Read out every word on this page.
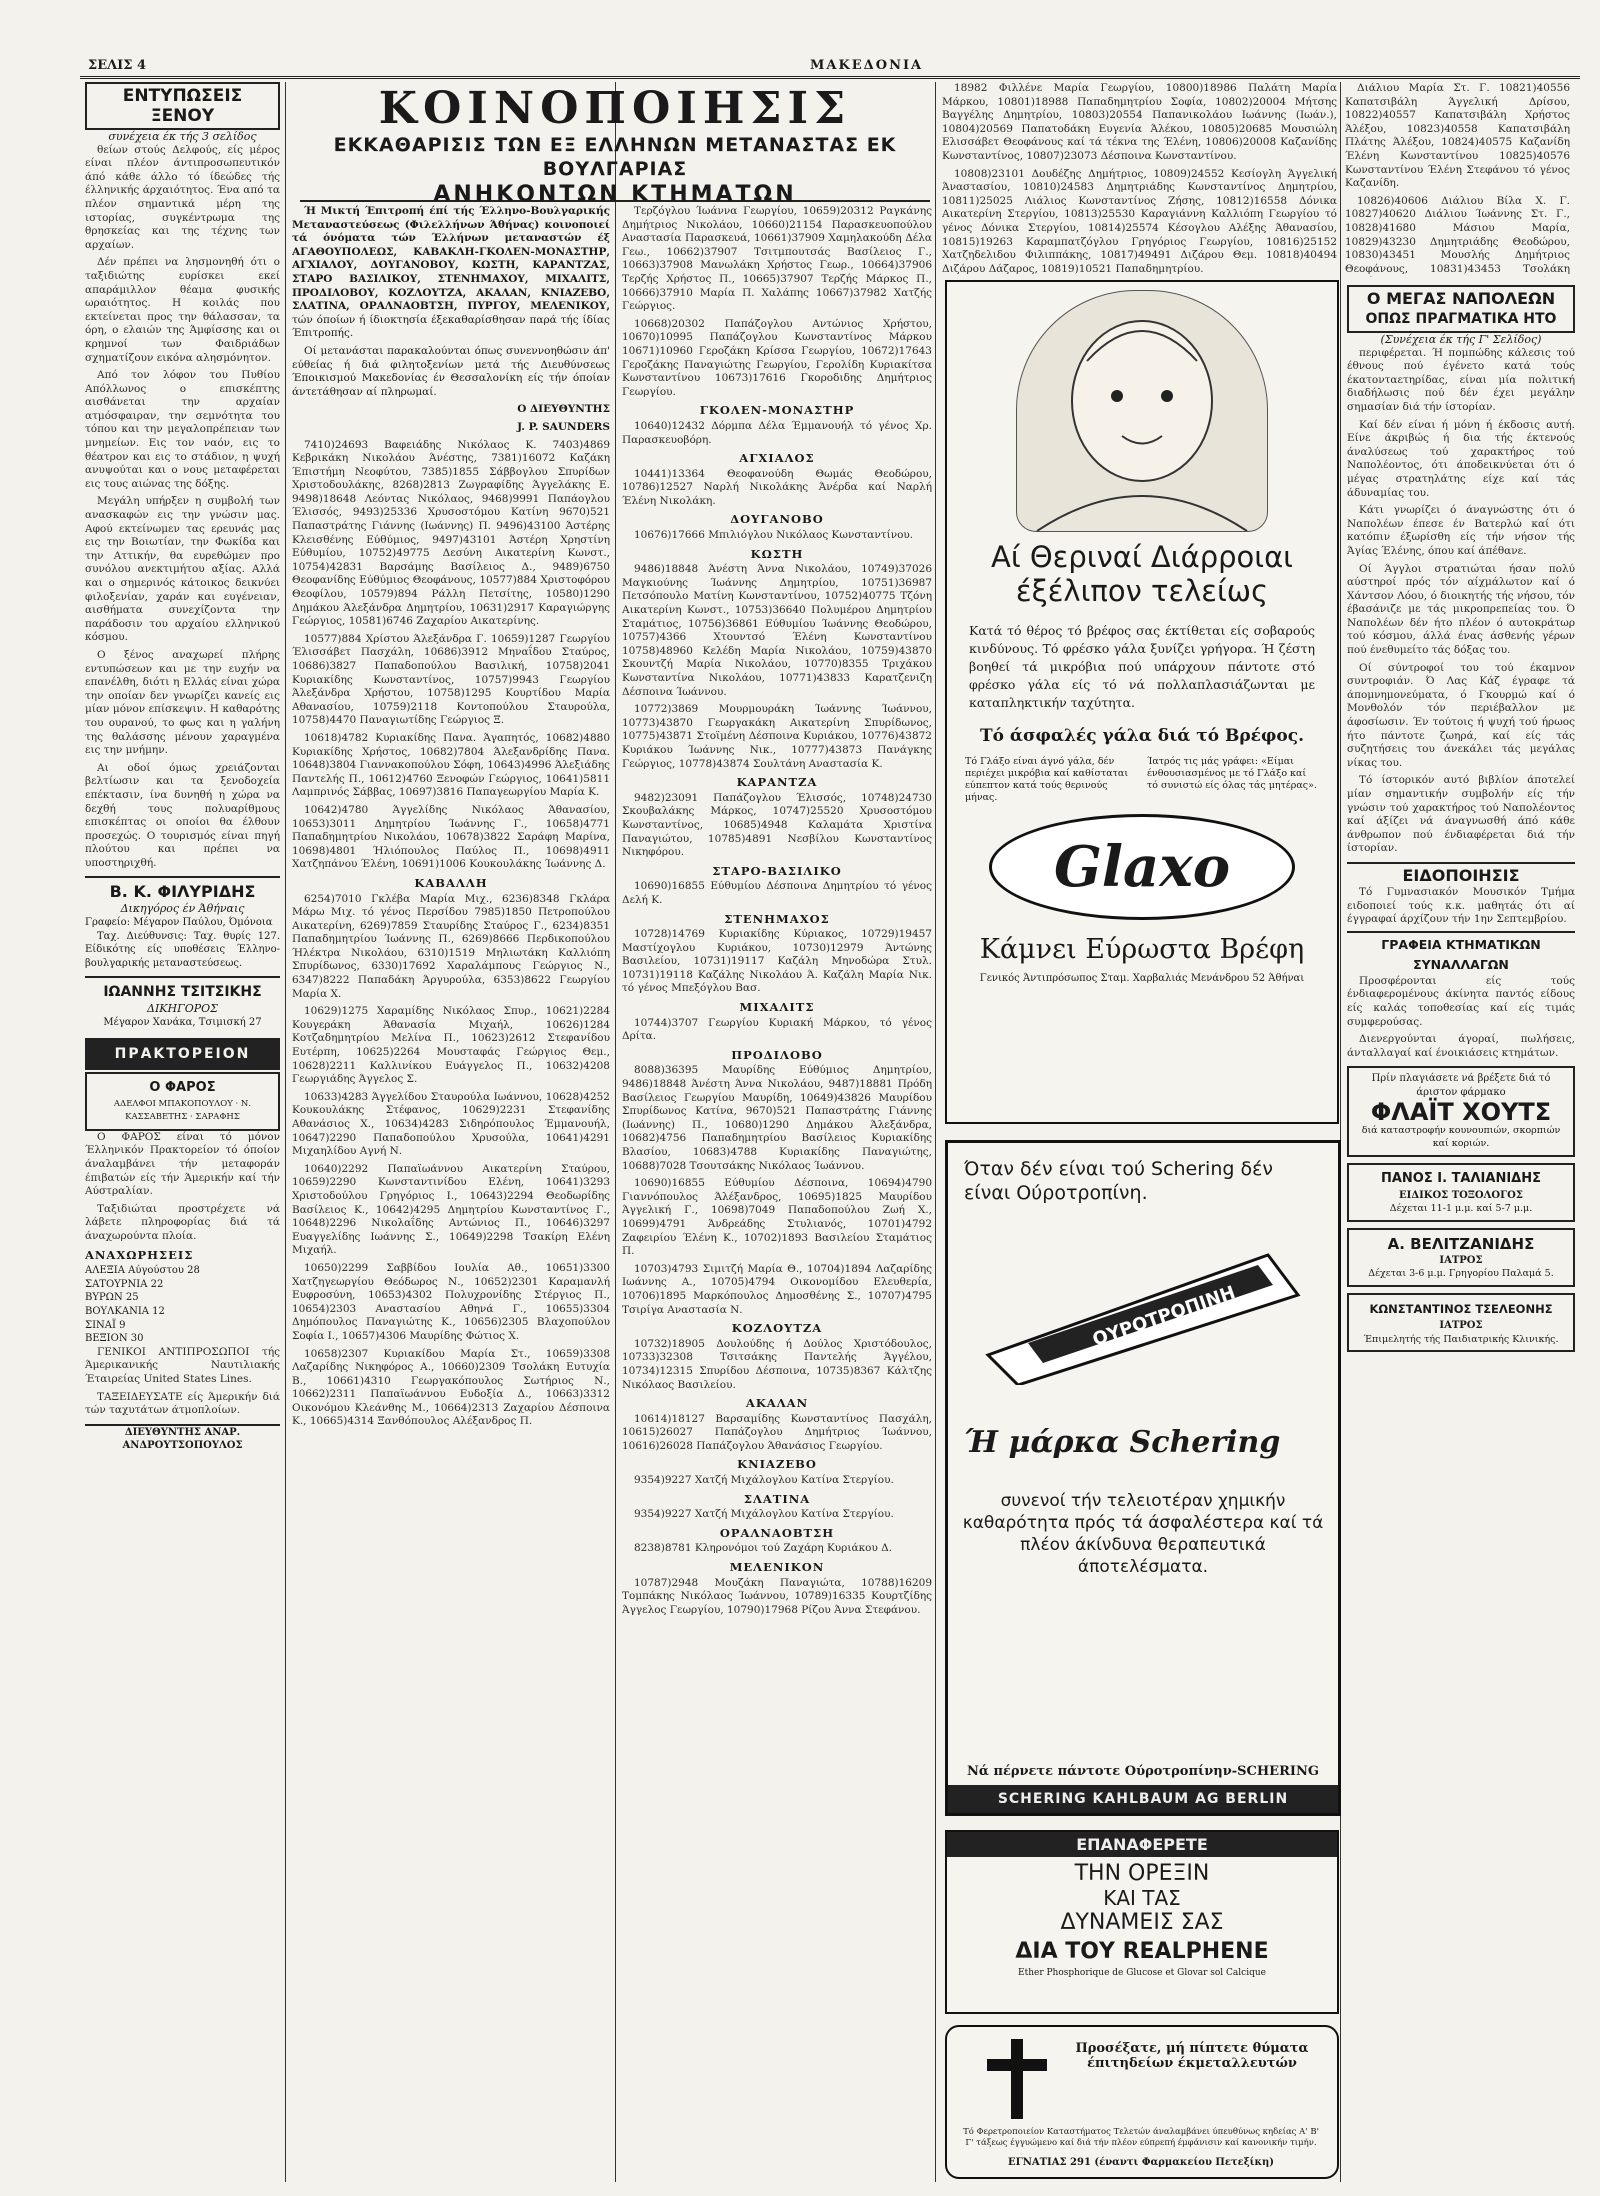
ΣΕΛΙΣ 4	ΜΑΚΕΔΟΝΙΑ
ΕΝΤΥΠΩΣΕΙΣ ΞΕΝΟΥ
συνέχεια έκ τής 3 σελίδος

θείων στούς Δελφούς, είς μέρος είναι πλέον άντιπροσωπευτικόν άπό κάθε άλλο τό ίδεώδες τής έλληνικής άρχαιότητος. Ένα από τα πλέον σημαντικά μέρη της ιστορίας, συγκέντρωμα της θρησκείας και της τέχνης των αρχαίων.

Δέν πρέπει να λησμονηθή ότι ο ταξιδιώτης ευρίσκει εκεί απαράμιλλον θέαμα φυσικής ωραιότητος. Η κοιλάς που εκτείνεται προς την θάλασσαν, τα όρη, ο ελαιών της Άμφίσσης και οι κρημνοί των Φαιδριάδων σχηματίζουν εικόνα αλησμόνητον.

Από τον λόφον του Πυθίου Απόλλωνος ο επισκέπτης αισθάνεται την αρχαίαν ατμόσφαιραν, την σεμνότητα του τόπου και την μεγαλοπρέπειαν των μνημείων. Εις τον ναόν, εις το θέατρον και εις το στάδιον, η ψυχή ανυψούται και ο νους μεταφέρεται εις τους αιώνας της δόξης.

Μεγάλη υπήρξεν η συμβολή των ανασκαφών εις την γνώσιν μας. Αφού εκτείνωμεν τας ερευνάς μας εις την Βοιωτίαν, την Φωκίδα και την Αττικήν, θα ευρεθώμεν προ συνόλου ανεκτιμήτου αξίας. Αλλά και ο σημερινός κάτοικος δεικνύει φιλοξενίαν, χαράν και ευγένειαν, αισθήματα συνεχίζοντα την παράδοσιν του αρχαίου ελληνικού κόσμου.

Ο ξένος αναχωρεί πλήρης εντυπώσεων και με την ευχήν να επανέλθη, διότι η Ελλάς είναι χώρα την οποίαν δεν γνωρίζει κανείς εις μίαν μόνον επίσκεψιν. Η καθαρότης του ουρανού, το φως και η γαλήνη της θαλάσσης μένουν χαραγμένα εις την μνήμην.

Αι οδοί όμως χρειάζονται βελτίωσιν και τα ξενοδοχεία επέκτασιν, ίνα δυνηθή η χώρα να δεχθή τους πολυαρίθμους επισκέπτας οι οποίοι θα έλθουν προσεχώς. Ο τουρισμός είναι πηγή πλούτου και πρέπει να υποστηριχθή.

Β. Κ. ΦΙΛΥΡΙΔΗΣ
Δικηγόρος έν Άθήναις
Γραφείο: Μέγαρον Παύλου, Όμόνοια

Ταχ. Διεύθυνσις: Ταχ. θυρίς 127. Είδικότης είς υποθέσεις Έλληνο-βουλγαρικής μεταναστεύσεως.

ΙΩΑΝΝΗΣ ΤΣΙΤΣΙΚΗΣ
ΔΙΚΗΓΟΡΟΣ
Μέγαρον Χανάκα, Τσιμισκή 27
ΠΡΑΚΤΟΡΕΙΟΝ
Ο ΦΑΡΟΣ
ΑΔΕΛΦΟΙ ΜΠΑΚΟΠΟΥΛΟΥ · Ν. ΚΑΣΣΑΒΕΤΗΣ · ΣΑΡΑΦΗΣ

Ο ΦΑΡΟΣ είναι τό μόνον Έλληνικόν Πρακτορείον τό όποίον άναλαμβάνει τήν μεταφοράν έπιβατών είς τήν Άμερικήν καί τήν Αύστραλίαν.

Ταξιδιώται προστρέχετε νά λάβετε πληροφορίας διά τά άναχωρούντα πλοία.

ΑΝΑΧΩΡΗΣΕΙΣ
ΑΛΕΞΙΑ Αύγούστου 28
ΣΑΤΟΥΡΝΙΑ 22
ΒΥΡΩΝ 25
ΒΟΥΛΚΑΝΙΑ 12
ΣΙΝΑΪ 9
ΒΕΞΙΟΝ 30

ΓΕΝΙΚΟΙ ΑΝΤΙΠΡΟΣΩΠΟΙ τής Άμερικανικής Ναυτιλιακής Έταιρείας United States Lines.

ΤΑΞΕΙΔΕΥΣΑΤΕ είς Άμερικήν διά τών ταχυτάτων άτμοπλοίων.

ΔΙΕΥΘΥΝΤΗΣ ΑΝΑΡ. ΑΝΔΡΟΥΤΣΟΠΟΥΛΟΣ
ΚΟΙΝΟΠΟΙΗΣΙΣ
ΕΚΚΑΘΑΡΙΣΙΣ ΤΩΝ ΕΞ ΕΛΛΗΝΩΝ ΜΕΤΑΝΑΣΤΑΣ ΕΚ ΒΟΥΛΓΑΡΙΑΣ
ΑΝΗΚΟΝΤΩΝ ΚΤΗΜΑΤΩΝ

Ή Μικτή Έπιτροπή έπί τής Έλληνο-Βουλγαρικής Μεταναστεύσεως (Φιλελλήνων Άθήνας) κοινοποιεί τά όνόματα τών Έλλήνων μεταναστών έξ ΑΓΑΘΟΥΠΟΛΕΩΣ, ΚΑΒΑΚΛΗ-ΓΚΟΛΕΝ-ΜΟΝΑΣΤΗΡ, ΑΓΧΙΑΛΟΥ, ΔΟΥΓΑΝΟΒΟΥ, ΚΩΣΤΗ, ΚΑΡΑΝΤΖΑΣ, ΣΤΑΡΟ ΒΑΣΙΛΙΚΟΥ, ΣΤΕΝΗΜΑΧΟΥ, ΜΙΧΑΛΙΤΣ, ΠΡΟΔΙΛΟΒΟΥ, ΚΟΖΛΟΥΤΖΑ, ΑΚΑΛΑΝ, ΚΝΙΑΖΕΒΟ, ΣΛΑΤΙΝΑ, ΟΡΑΛΝΑΟΒΤΣΗ, ΠΥΡΓΟΥ, ΜΕΛΕΝΙΚΟΥ, τών όποίων ή ίδιοκτησία έξεκαθαρίσθησαν παρά τής ίδίας Έπιτροπής.

Οί μετανάσται παρακαλούνται όπως συνεννοηθώσιν άπ' εύθείας ή διά φιλητοξενίων μετά τής Διευθύνσεως Έποικισμού Μακεδονίας έν Θεσσαλονίκη είς τήν όποίαν άντετάθησαν αί πληρωμαί.

Ο ΔΙΕΥΘΥΝΤΗΣ
J. P. SAUNDERS

7410)24693 Βαφειάδης Νικόλαος Κ. 7403)4869 Κεβρικάκη Νικολάου Άνέστης, 7381)16072 Καζάκη Έπιστήμη Νεοφύτου, 7385)1855 Σάββογλου Σπυρίδων Χριστοδουλάκης, 8268)2813 Ζωγραφίδης Άγγελάκης Ε. 9498)18648 Λεόντας Νικόλαος, 9468)9991 Παπάογλου Έλισσός, 9493)25336 Χρυσοστόμου Κατίνη 9670)521 Παπαστράτης Γιάννης (Ιωάννης) Π. 9496)43100 Άστέρης Κλεισθένης Εύθύμιος, 9497)43101 Άστέρη Χρηστίνη Εύθυμίου, 10752)49775 Δεσύνη Αικατερίνη Κωνστ., 10754)42831 Βαρσάμης Βασίλειος Δ., 9489)6750 Θεοφανίδης Εύθύμιος Θεοφάνους, 10577)884 Χριστοφόρου Θεοφίλου, 10579)894 Ράλλη Πετσίτης, 10580)1290 Δημάκου Άλεξάνδρα Δημητρίου, 10631)2917 Καραγιώργης Γεώργιος, 10581)6746 Ζαχαρίου Αικατερίνης.

10577)884 Χρίστου Άλεξάνδρα Γ. 10659)1287 Γεωργίου Έλισσάβετ Πασχάλη, 10686)3912 Μηναΐδου Σταύρος, 10686)3827 Παπαδοπούλου Βασιλική, 10758)2041 Κυριακίδης Κωνσταντίνος, 10757)9943 Γεωργίου Άλεξάνδρα Χρήστου, 10758)1295 Κουρτίδου Μαρία Αθανασίου, 10759)2118 Κοντοπούλου Σταυρούλα, 10758)4470 Παναγιωτίδης Γεώργιος Ξ.

10618)4782 Κυριακίδης Πανα. Άγαπητός, 10682)4880 Κυριακίδης Χρήστος, 10682)7804 Άλεξανδρίδης Πανα. 10648)3804 Γιαννακοπούλου Σόφη, 10643)4996 Άλεξιάδης Παντελής Π., 10612)4760 Ξενοφών Γεώργιος, 10641)5811 Λαμπρινός Σάββας, 10697)3816 Παπαγεωργίου Μαρία Κ.

10642)4780 Άγγελίδης Νικόλαος Άθανασίου, 10653)3011 Δημητρίου Ίωάννης Γ., 10658)4771 Παπαδημητρίου Νικολάου, 10678)3822 Σαράφη Μαρίνα, 10698)4801 Ήλιόπουλος Παύλος Π., 10698)4911 Χατζηπάνου Έλένη, 10691)1006 Κουκουλάκης Ίωάννης Δ.

ΚΑΒΑΛΛΗ

6254)7010 Γκλέβα Μαρία Μιχ., 6236)8348 Γκλάρα Μάρω Μιχ. τό γένος Περσίδου 7985)1850 Πετροπούλου Αικατερίνη, 6269)7859 Σταυρίδης Σταύρος Γ., 6234)8351 Παπαδημητρίου Ίωάννης Π., 6269)8666 Περδικοπούλου Ήλέκτρα Νικολάου, 6310)1519 Μηλιωτάκη Καλλιόπη Σπυρίδωνος, 6330)17692 Χαραλάμπους Γεώργιος Ν., 6347)8222 Παπαδάκη Άργυρούλα, 6353)8622 Γεωργίου Μαρία Χ.

10629)1275 Χαραμίδης Νικόλαος Σπυρ., 10621)2284 Κουγεράκη Άθανασία Μιχαήλ, 10626)1284 Κοτζαδημητρίου Μελίνα Π., 10623)2612 Στεφανίδου Ευτέρπη, 10625)2264 Μουσταφάς Γεώργιος Θεμ., 10628)2211 Καλλινίκου Ευάγγελος Π., 10632)4208 Γεωργιάδης Άγγελος Σ.

10633)4283 Άγγελίδου Σταυρούλα Ιωάννου, 10628)4252 Κουκουλάκης Στέφανος, 10629)2231 Στεφανίδης Αθανάσιος Χ., 10634)4283 Σιδηρόπουλος Έμμανουήλ, 10647)2290 Παπαδοπούλου Χρυσούλα, 10641)4291 Μιχαηλίδου Αγνή Ν.

10640)2292 Παπαϊωάννου Αικατερίνη Σταύρου, 10659)2290 Κωνσταντινίδου Ελένη, 10641)3293 Χριστοδούλου Γρηγόριος Ι., 10643)2294 Θεοδωρίδης Βασίλειος Κ., 10642)4295 Δημητρίου Κωνσταντίνος Γ., 10648)2296 Νικολαΐδης Αντώνιος Π., 10646)3297 Ευαγγελίδης Ιωάννης Σ., 10649)2298 Τσακίρη Ελένη Μιχαήλ.

10650)2299 Σαββίδου Ιουλία Αθ., 10651)3300 Χατζηγεωργίου Θεόδωρος Ν., 10652)2301 Καραμανλή Ευφροσύνη, 10653)4302 Πολυχρονίδης Στέργιος Π., 10654)2303 Αναστασίου Αθηνά Γ., 10655)3304 Δημόπουλος Παναγιώτης Κ., 10656)2305 Βλαχοπούλου Σοφία Ι., 10657)4306 Μαυρίδης Φώτιος Χ.

10658)2307 Κυριακίδου Μαρία Στ., 10659)3308 Λαζαρίδης Νικηφόρος Α., 10660)2309 Τσολάκη Ευτυχία Β., 10661)4310 Γεωργακόπουλος Σωτήριος Ν., 10662)2311 Παπαϊωάννου Ευδοξία Δ., 10663)3312 Οικονόμου Κλεάνθης Μ., 10664)2313 Ζαχαρίου Δέσποινα Κ., 10665)4314 Ξανθόπουλος Αλέξανδρος Π.

Τερζόγλου Ίωάννα Γεωργίου, 10659)20312 Ραγκάνης Δημήτριος Νικολάου, 10660)21154 Παρασκευοπούλου Αναστασία Παρασκευά, 10661)37909 Χαμηλακούδη Δέλα Γεω., 10662)37907 Τσιτμπουτσάς Βασίλειος Γ., 10663)37908 Μανωλάκη Χρήστος Γεωρ., 10664)37906 Τερζής Χρήστος Π., 10665)37907 Τερζής Μάρκος Π., 10666)37910 Μαρία Π. Χαλάπης 10667)37982 Χατζής Γεώργιος.

10668)20302 Παπάζογλου Αντώνιος Χρήστου, 10670)10995 Παπάζογλου Κωνσταντίνος Μάρκου 10671)10960 Γεροζάκη Κρίσσα Γεωργίου, 10672)17643 Γεροζάκης Παναγιώτης Γεωργίου, Γερολίδη Κυριακίτσα Κωνσταντίνου 10673)17616 Γκοροδιδης Δημήτριος Γεωργίου.

ΓΚΟΛΕΝ-ΜΟΝΑΣΤΗΡ

10640)12432 Δόρμπα Δέλα Έμμανουήλ τό γένος Χρ. Παρασκευοβόρη.

ΑΓΧΙΑΛΟΣ

10441)13364 Θεοφανούδη Θωμάς Θεοδώρου, 10786)12527 Ναρλή Νικολάκης Άνέρδα καί Ναρλή Έλένη Νικολάκη.

ΔΟΥΓΑΝΟΒΟ

10676)17666 Μπιλιόγλου Νικόλαος Κωνσταντίνου.

ΚΩΣΤΗ

9486)18848 Άνέστη Άννα Νικολάου, 10749)37026 Μαγκιούνης Ίωάννης Δημητρίου, 10751)36987 Πετσόπουλο Ματίνη Κωνσταντίνου, 10752)40775 Τζόνη Αικατερίνη Κωνστ., 10753)36640 Πολυμέρου Δημητρίου Σταμάτιος, 10756)36861 Εύθυμίου Ίωάννης Θεοδώρου, 10757)4366 Χτουντσό Έλένη Κωνσταντίνου 10758)48960 Κελέδη Μαρία Νικολάου, 10759)43870 Σκουντζή Μαρία Νικολάου, 10770)8355 Τριχάκου Κωνσταντίνα Νικολάου, 10771)43833 Καρατζενιζη Δέσποινα Ίωάννου.

10772)3869 Μουρμουράκη Ίωάννης Ίωάννου, 10773)43870 Γεωργακάκη Αικατερίνη Σπυρίδωνος, 10775)43871 Στοϊμένη Δέσποινα Κυριάκου, 10776)43872 Κυριάκου Ίωάννης Νικ., 10777)43873 Πανάγκης Γεώργιος, 10778)43874 Σουλτάνη Αναστασία Κ.

ΚΑΡΑΝΤΖΑ

9482)23091 Παπάζογλου Έλισσός, 10748)24730 Σκουβαλάκης Μάρκος, 10747)25520 Χρυσοστόμου Κωνσταντίνος, 10685)4948 Καλαμάτα Χριστίνα Παναγιώτου, 10785)4891 Νεσβίλου Κωνσταντίνος Νικηφόρου.

ΣΤΑΡΟ-ΒΑΣΙΛΙΚΟ

10690)16855 Εύθυμίου Δέσποινα Δημητρίου τό γένος Δελή Κ.

ΣΤΕΝΗΜΑΧΟΣ

10728)14769 Κυριακίδης Κύριακος, 10729)19457 Μαστίχογλου Κυριάκου, 10730)12979 Άντώνης Βασιλείου, 10731)19117 Καζάλη Μηνοδώρα Στυλ. 10731)19118 Καζάλης Νικολάου Ά. Καζάλη Μαρία Νικ. τό γένος Μπεξόγλου Βασ.

ΜΙΧΑΛΙΤΣ

10744)3707 Γεωργίου Κυριακή Μάρκου, τό γένος Δρίτα.

ΠΡΟΔΙΛΟΒΟ

8088)36395 Μαυρίδης Εύθύμιος Δημητρίου, 9486)18848 Άνέστη Άννα Νικολάου, 9487)18881 Πρόδη Βασίλειος Γεωργίου Μαυρίδη, 10649)43826 Μαυρίδου Σπυρίδωνος Κατίνα, 9670)521 Παπαστράτης Γιάννης (Ιωάννης) Π., 10680)1290 Δημάκου Άλεξάνδρα, 10682)4756 Παπαδημητρίου Βασίλειος Κυριακίδης Βλασίου, 10683)4788 Κυριακίδης Παναγιώτης, 10688)7028 Τσουτσάκης Νικόλαος Ίωάννου.

10690)16855 Εύθυμίου Δέσποινα, 10694)4790 Γιαννόπουλος Άλέξανδρος, 10695)1825 Μαυρίδου Άγγελική Γ., 10698)7049 Παπαδοπούλου Ζωή Χ., 10699)4791 Άνδρεάδης Στυλιανός, 10701)4792 Ζαφειρίου Έλένη Κ., 10702)1893 Βασιλείου Σταμάτιος Π.

10703)4793 Σιμιτζή Μαρία Θ., 10704)1894 Λαζαρίδης Ιωάννης Α., 10705)4794 Οικονομίδου Ελευθερία, 10706)1895 Μαρκόπουλος Δημοσθένης Σ., 10707)4795 Τσιρίγα Αναστασία Ν.

ΚΟΖΛΟΥΤΖΑ

10732)18905 Δουλούδης ή Δούλος Χριστόδουλος, 10733)32308 Τσιτσάκης Παντελής Άγγέλου, 10734)12315 Σπυρίδου Δέσποινα, 10735)8367 Κάλτζης Νικόλαος Βασιλείου.

ΑΚΑΛΑΝ

10614)18127 Βαρσαμίδης Κωνσταντίνος Πασχάλη, 10615)26027 Παπάζογλου Δημήτριος Ίωάννου, 10616)26028 Παπάζογλου Άθανάσιος Γεωργίου.

ΚΝΙΑΖΕΒΟ

9354)9227 Χατζή Μιχάλογλου Κατίνα Στεργίου.

ΣΛΑΤΙΝΑ

9354)9227 Χατζή Μιχάλογλου Κατίνα Στεργίου.

ΟΡΑΛΝΑΟΒΤΣΗ

8238)8781 Κληρονόμοι τού Ζαχάρη Κυριάκου Δ.

ΜΕΛΕΝΙΚΟΝ

10787)2948 Μουζάκη Παναγιώτα, 10788)16209 Τομπάκης Νικόλαος Ίωάννου, 10789)16335 Κουρτζίδης Άγγελος Γεωργίου, 10790)17968 Ρίζου Άννα Στεφάνου.

18982 Φιλλένε Μαρία Γεωργίου, 10800)18986 Παλάτη Μαρία Μάρκου, 10801)18988 Παπαδημητρίου Σοφία, 10802)20004 Μήτσης Βαγγέλης Δημητρίου, 10803)20554 Παπανικολάου Ιωάννης (Ιωάν.), 10804)20569 Παπατοδάκη Ευγενία Άλέκου, 10805)20685 Μουσιώλη Ελισσάβετ Θεοφάνους καί τά τέκνα της Έλένη, 10806)20008 Καζανίδης Κωνσταντίνος, 10807)23073 Δέσποινα Κωνσταντίνου.

10808)23101 Δουδέζης Δημήτριος, 10809)24552 Κεσίογλη Άγγελική Άναστασίου, 10810)24583 Δημητριάδης Κωνσταντίνος Δημητρίου, 10811)25025 Λιάλιος Κωνσταντίνος Ζήσης, 10812)16558 Δόνικα Αικατερίνη Στεργίου, 10813)25530 Καραγιάννη Καλλιόπη Γεωργίου τό γένος Δόνικα Στεργίου, 10814)25574 Κέσογλου Αλέξης Άθανασίου, 10815)19263 Καραμπατζόγλου Γρηγόριος Γεωργίου, 10816)25152 Χατζηδελιδου Φιλιππάκης, 10817)49491 Διζάρου Θεμ. 10818)40494 Διζάρου Δάζαρος, 10819)10521 Παπαδημητρίου.

Διάλιου Μαρία Στ. Γ. 10821)40556 Καπατσιβάλη Άγγελική Δρίσου, 10822)40557 Καπατσιβάλη Χρήστος Άλέξου, 10823)40558 Καπατσιβάλη Πλάτης Άλέξου, 10824)40575 Καζανίδη Έλένη Κωνσταντίνου 10825)40576 Κωνσταντίνου Έλένη Στεφάνου τό γένος Καζανίδη.

10826)40606 Διάλιου Βίλα Χ. Γ. 10827)40620 Διάλιου Ίωάννης Στ. Γ., 10828)41680 Μάσιου Μαρία, 10829)43230 Δημητριάδης Θεοδώρου, 10830)43451 Μουσλής Δημήτριος Θεοφάνους, 10831)43453 Τσολάκη

Αί Θεριναί Διάρροιαι
έξέλιπον τελείως
Κατά τό θέρος τό βρέφος σας έκτίθεται είς σοβαρούς κινδύνους. Τό φρέσκο γάλα ξυνίζει γρήγορα. Ή ζέστη βοηθεί τά μικρόβια πού υπάρχουν πάντοτε στό φρέσκο γάλα είς τό νά πολλαπλασιάζωνται με καταπληκτικήν ταχύτητα.
Τό άσφαλές γάλα διά τό Βρέφος.
Τό Γλάξο είναι άγνό γάλα, δέν περιέχει μικρόβια καί καθίσταται εύπεπτον κατά τούς θερινούς μήνας.
Ίατρός τις μάς γράφει: «Είμαι ένθουσιασμένος με τό Γλάξο καί τό συνιστώ είς όλας τάς μητέρας».
Glaxo
Κάμνει Εύρωστα Βρέφη
Γενικός Άντιπρόσωπος Σταμ. Χαρβαλιάς Μενάνδρου 52 Άθήναι
Όταν δέν είναι τού Schering δέν είναι Ούροτροπίνη.
ΟΥΡΟΤΡΟΠΙΝΗ
Ή μάρκα Schering
συνενοί τήν τελειοτέραν χημικήν καθαρότητα πρός τά άσφαλέστερα καί τά πλέον άκίνδυνα θεραπευτικά άποτελέσματα.
Νά πέρνετε πάντοτε Ούροτροπίνην-SCHERING
SCHERING KAHLBAUM AG BERLIN
ΕΠΑΝΑΦΕΡΕΤΕ
ΤΗΝ ΟΡΕΞΙΝ
ΚΑΙ ΤΑΣ
ΔΥΝΑΜΕΙΣ ΣΑΣ
ΔΙΑ ΤΟΥ REALPHENE
Ether Phosphorique de Glucose et Glovar sol Calcique
Προσέξατε, μή πίπτετε θύματα έπιτηδείων έκμεταλλευτών
Τό Φερετροποιείον Καταστήματος Τελετών άναλαμβάνει ύπευθύνως κηδείας Α' Β' Γ' τάξεως έγγυώμενο καί διά τήν πλέον εύπρεπή έμφάνισιν καί κανονικήν τιμήν.
ΕΓΝΑΤΙΑΣ 291 (έναντι Φαρμακείου Πετεξίκη)
Ο ΜΕΓΑΣ ΝΑΠΟΛΕΩΝ
ΟΠΩΣ ΠΡΑΓΜΑΤΙΚΑ ΗΤΟ
(Συνέχεια έκ τής Γ' Σελίδος)

περιφέρεται. Ή πομπώδης κάλεσις τού έθνους πού έγένετο κατά τούς έκατονταετηρίδας, είναι μία πολιτική διαδήλωσις πού δέν έχει μεγάλην σημασίαν διά τήν ίστορίαν.

Καί δέν είναι ή μόνη ή έκδοσις αυτή. Είνε άκριβώς ή δια τής έκτενούς άναλύσεως τού χαρακτήρος τού Ναπολέοντος, ότι άποδεικνύεται ότι ό μέγας στρατηλάτης είχε καί τάς άδυναμίας του.

Κάτι γνωρίζει ό άναγνώστης ότι ό Ναπολέων έπεσε έν Βατερλώ καί ότι κατόπιν έξωρίσθη είς τήν νήσον τής Άγίας Έλένης, όπου καί άπέθανε.

Οί Άγγλοι στρατιώται ήσαν πολύ αύστηροί πρός τόν αίχμάλωτον καί ό Χάντσον Λόου, ό διοικητής τής νήσου, τόν έβασάνιζε με τάς μικροπρεπείας του. Ό Ναπολέων δέν ήτο πλέον ό αυτοκράτωρ τού κόσμου, άλλά ένας άσθενής γέρων πού ένεθυμείτο τάς δόξας του.

Οί σύντροφοί του τού έκαμνον συντροφιάν. Ό Λας Κάζ έγραφε τά άπομνημονεύματα, ό Γκουρμώ καί ό Μονθολόν τόν περιέβαλλον με άφοσίωσιν. Έν τούτοις ή ψυχή τού ήρωος ήτο πάντοτε ζωηρά, καί είς τάς συζητήσεις του άνεκάλει τάς μεγάλας νίκας του.

Τό ίστορικόν αυτό βιβλίον άποτελεί μίαν σημαντικήν συμβολήν είς τήν γνώσιν τού χαρακτήρος τού Ναπολέοντος καί άξίζει νά άναγνωσθή άπό κάθε άνθρωπον πού ένδιαφέρεται διά τήν ίστορίαν.

ΕΙΔΟΠΟΙΗΣΙΣ

Τό Γυμνασιακόν Μουσικόν Τμήμα ειδοποιεί τούς κ.κ. μαθητάς ότι αί έγγραφαί άρχίζουν τήν 1ην Σεπτεμβρίου.

ΓΡΑΦΕΙΑ ΚΤΗΜΑΤΙΚΩΝ ΣΥΝΑΛΛΑΓΩΝ

Προσφέρονται είς τούς ένδιαφερομένους άκίνητα παντός είδους είς καλάς τοποθεσίας καί είς τιμάς συμφερούσας.

Διενεργούνται άγοραί, πωλήσεις, άνταλλαγαί καί ένοικιάσεις κτημάτων.

Πρίν πλαγιάσετε νά βρέξετε διά τό άριστον φάρμακο
ΦΛΑΪΤ ΧΟΥΤΣ
διά καταστροφήν κουνουπιών, σκορπιών καί κοριών.
ΠΑΝΟΣ Ι. ΤΑΛΙΑΝΙΔΗΣ
ΕΙΔΙΚΟΣ ΤΟΞΟΛΟΓΟΣ
Δέχεται 11-1 μ.μ. καί 5-7 μ.μ.
Α. ΒΕΛΙΤΖΑΝΙΔΗΣ
ΙΑΤΡΟΣ
Δέχεται 3-6 μ.μ. Γρηγορίου Παλαμά 5.
ΚΩΝΣΤΑΝΤΙΝΟΣ ΤΣΕΛΕΟΝΗΣ
ΙΑΤΡΟΣ
Έπιμελητής τής Παιδιατρικής Κλινικής.
